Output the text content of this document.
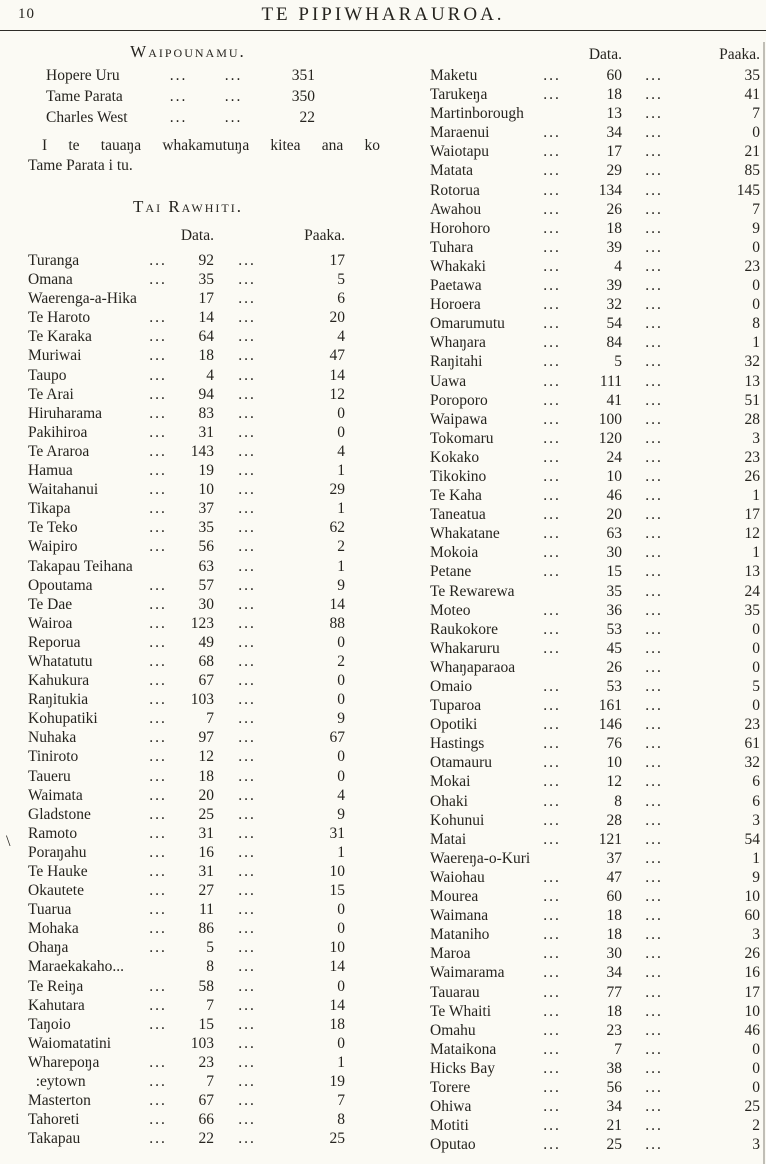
10	TE PIPIWHARAUROA.
Waipounamu.
Hopere Uru	...	...	351
Tame Parata	...	...	350
Charles West	...	...	22
I te tauaŋa whakamutuŋa kitea ana ko
Tame Parata i tu.
Tai Rawhiti.
Data.	Paaka.
Turanga	...	92	...	17
Omana	...	35	...	5
Waerenga-a-Hika	17	...	6
Te Haroto	...	14	...	20
Te Karaka	...	64	...	4
Muriwai	...	18	...	47
Taupo	...	4	...	14
Te Arai	...	94	...	12
Hiruharama	...	83	...	0
Pakihiroa	...	31	...	0
Te Araroa	...	143	...	4
Hamua	...	19	...	1
Waitahanui	...	10	...	29
Tikapa	...	37	...	1
Te Teko	...	35	...	62
Waipiro	...	56	...	2
Takapau Teihana	63	...	1
Opoutama	...	57	...	9
Te Dae	...	30	...	14
Wairoa	...	123	...	88
Reporua	...	49	...	0
Whatatutu	...	68	...	2
Kahukura	...	67	...	0
Raŋitukia	...	103	...	0
Kohupatiki	...	7	...	9
Nuhaka	...	97	...	67
Tiniroto	...	12	...	0
Taueru	...	18	...	0
Waimata	...	20	...	4
Gladstone	...	25	...	9
Ramoto	...	31	...	31
Poraŋahu	...	16	...	1
Te Hauke	...	31	...	10
Okautete	...	27	...	15
Tuarua	...	11	...	0
Mohaka	...	86	...	0
Ohaŋa	...	5	...	10
Maraekakaho...	8	...	14
Te Reiŋa	...	58	...	0
Kahutara	...	7	...	14
Taŋoio	...	15	...	18
Waiomatatini	103	...	0
Wharepoŋa	...	23	...	1
:eytown	...	7	...	19
Masterton	...	67	...	7
Tahoreti	...	66	...	8
Takapau	...	22	...	25
Data.	Paaka.
Maketu	...	60	...	35
Tarukeŋa	...	18	...	41
Martinborough	13	...	7
Maraenui	...	34	...	0
Waiotapu	...	17	...	21
Matata	...	29	...	85
Rotorua	...	134	...	145
Awahou	...	26	...	7
Horohoro	...	18	...	9
Tuhara	...	39	...	0
Whakaki	...	4	...	23
Paetawa	...	39	...	0
Horoera	...	32	...	0
Omarumutu	...	54	...	8
Whaŋara	...	84	...	1
Raŋitahi	...	5	...	32
Uawa	...	111	...	13
Poroporo	...	41	...	51
Waipawa	...	100	...	28
Tokomaru	...	120	...	3
Kokako	...	24	...	23
Tikokino	...	10	...	26
Te Kaha	...	46	...	1
Taneatua	...	20	...	17
Whakatane	...	63	...	12
Mokoia	...	30	...	1
Petane	...	15	...	13
Te Rewarewa	35	...	24
Moteo	...	36	...	35
Raukokore	...	53	...	0
Whakaruru	...	45	...	0
Whaŋaparaoa	26	...	0
Omaio	...	53	...	5
Tuparoa	...	161	...	0
Opotiki	...	146	...	23
Hastings	...	76	...	61
Otamauru	...	10	...	32
Mokai	...	12	...	6
Ohaki	...	8	...	6
Kohunui	...	28	...	3
Matai	...	121	...	54
Waereŋa-o-Kuri	37	...	1
Waiohau	...	47	...	9
Mourea	...	60	...	10
Waimana	...	18	...	60
Mataniho	...	18	...	3
Maroa	...	30	...	26
Waimarama	...	34	...	16
Tauarau	...	77	...	17
Te Whaiti	...	18	...	10
Omahu	...	23	...	46
Mataikona	...	7	...	0
Hicks Bay	...	38	...	0
Torere	...	56	...	0
Ohiwa	...	34	...	25
Motiti	...	21	...	2
Oputao	...	25	...	3
\
